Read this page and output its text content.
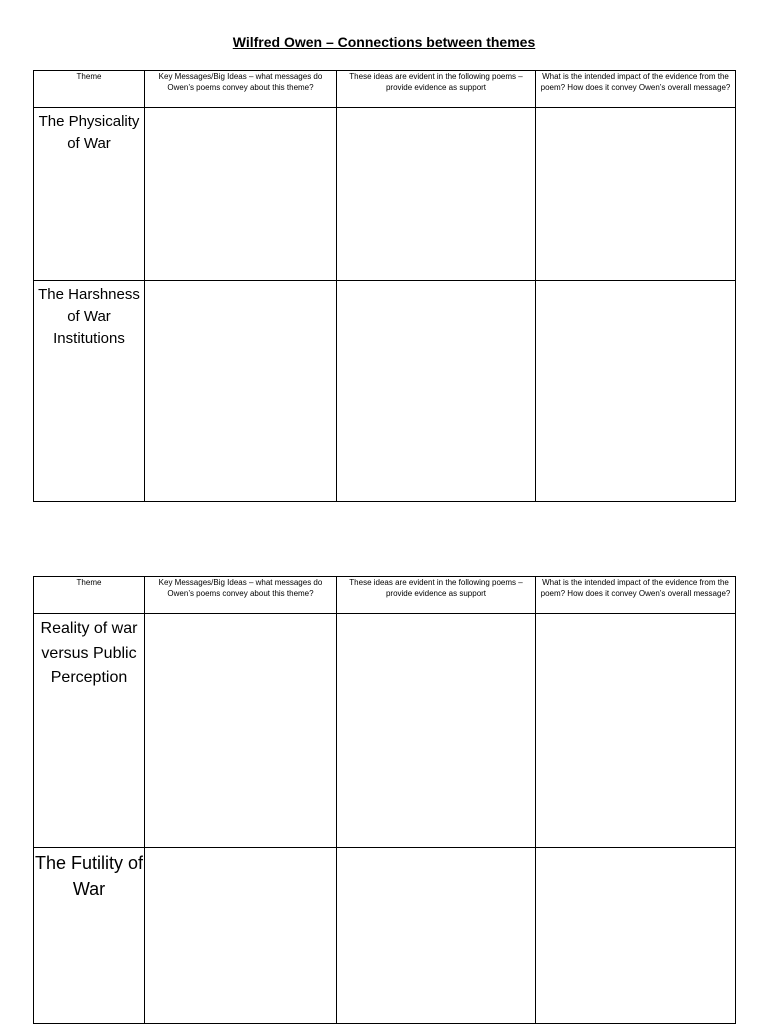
Wilfred Owen – Connections between themes
Theme	Key Messages/Big Ideas – what messages do Owen’s poems convey about this theme?	These ideas are evident in the following poems – provide evidence as support	What is the intended impact of the evidence from the poem? How does it convey Owen’s overall message?

The Physicality of War			

The Harshness of War Institutions			

Theme	Key Messages/Big Ideas – what messages do Owen’s poems convey about this theme?	These ideas are evident in the following poems – provide evidence as support	What is the intended impact of the evidence from the poem? How does it convey Owen’s overall message?

Reality of war versus Public Perception			

The Futility of War			
